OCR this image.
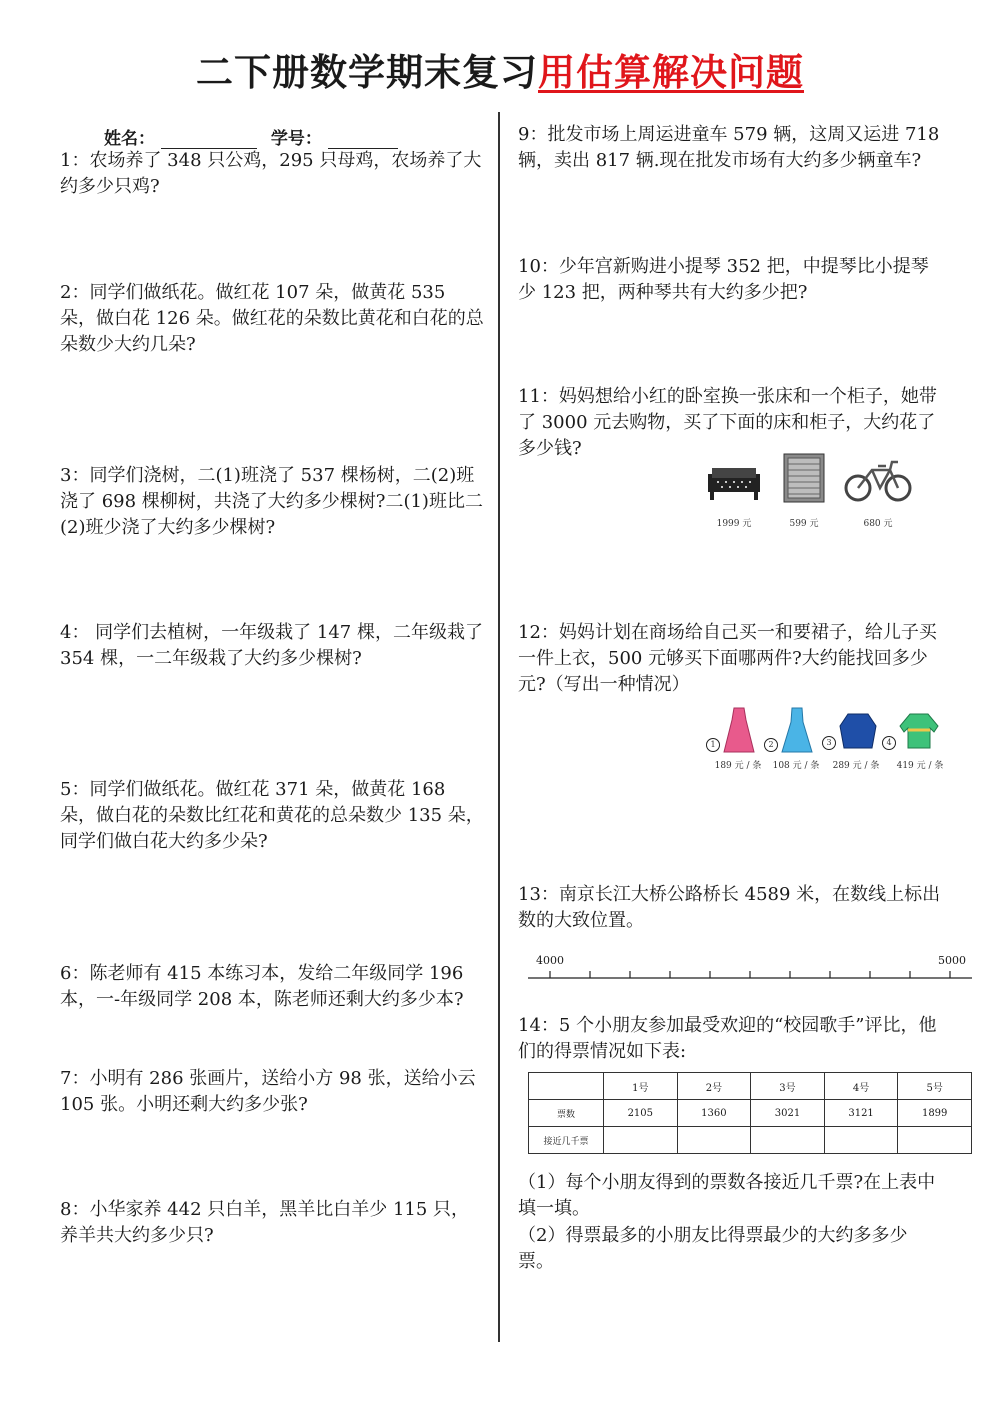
二下册数学期末复习用估算解决问题
姓名：	学号：
1：农场养了 348 只公鸡，295 只母鸡，农场养了大约多少只鸡?
2：同学们做纸花。做红花 107 朵，做黄花 535 朵，做白花 126 朵。做红花的朵数比黄花和白花的总朵数少大约几朵?
3：同学们浇树，二(1)班浇了 537 棵杨树，二(2)班浇了 698 棵柳树，共浇了大约多少棵树?二(1)班比二(2)班少浇了大约多少棵树?
4： 同学们去植树，一年级栽了 147 棵，二年级栽了 354 棵，一二年级栽了大约多少棵树?
5：同学们做纸花。做红花 371 朵，做黄花 168 朵，做白花的朵数比红花和黄花的总朵数少 135 朵，同学们做白花大约多少朵?
6：陈老师有 415 本练习本，发给二年级同学 196 本，一-年级同学 208 本，陈老师还剩大约多少本?
7：小明有 286 张画片，送给小方 98 张，送给小云 105 张。小明还剩大约多少张?
8：小华家养 442 只白羊，黑羊比白羊少 115 只，养羊共大约多少只?
9：批发市场上周运进童车 579 辆，这周又运进 718 辆，卖出 817 辆.现在批发市场有大约多少辆童车?
10：少年宫新购进小提琴 352 把，中提琴比小提琴少 123 把，两种琴共有大约多少把?
11：妈妈想给小红的卧室换一张床和一个柜子，她带了 3000 元去购物，买了下面的床和柜子，大约花了多少钱?
1999 元	599 元	680 元
12：妈妈计划在商场给自己买一和要裙子，给儿子买一件上衣，500 元够买下面哪两件?大约能找回多少元?（写出一种情况）
1
189 元 / 条
2
108 元 / 条
3
289 元 / 条
4
419 元 / 条
13：南京长江大桥公路桥长 4589 米，在数线上标出数的大致位置。
4000	5000
14：5 个小朋友参加最受欢迎的“校园歌手”评比，他们的得票情况如下表:
	1号	2号	3号	4号	5号
票数	2105	1360	3021	3121	1899
接近几千票					
（1）每个小朋友得到的票数各接近几千票?在上表中填一填。
（2）得票最多的小朋友比得票最少的大约多多少票。
